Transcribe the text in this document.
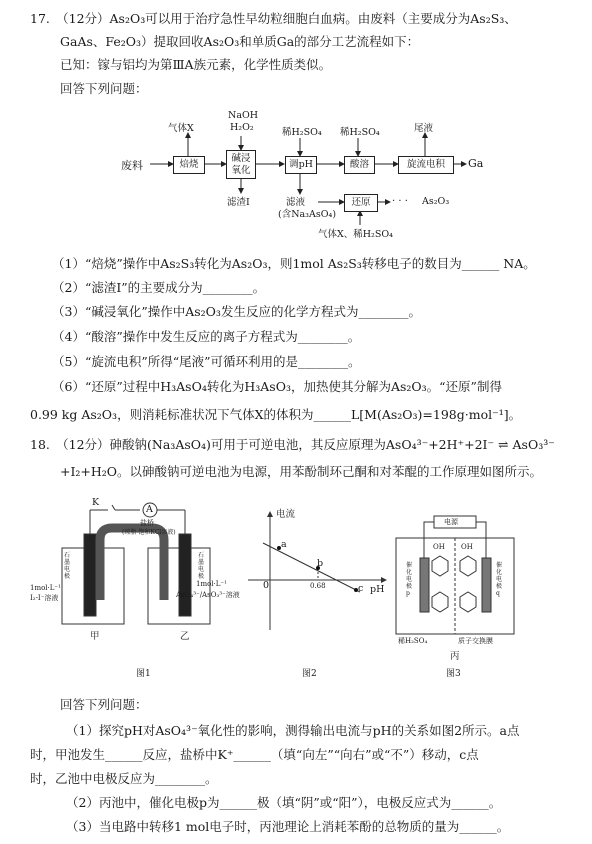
17.　（12分）As₂O₃可以用于治疗急性早幼粒细胞白血病。由废料（主要成分为As₂S₃、
GaAs、Fe₂O₃）提取回收As₂O₃和单质Ga的部分工艺流程如下：
已知：镓与铝均为第ⅢA族元素，化学性质类似。
回答下列问题：
废料	焙烧
碱浸氧化	调pH	酸溶	旋流电积	Ga
气体X
NaOH
H₂O₂	稀H₂SO₄ 稀H₂SO₄	尾液
滤渣Ⅰ	滤液
(含Na₃AsO₄)
还原	· · · As₂O₃
气体X、稀H₂SO₄
（1）“焙烧”操作中As₂S₃转化为As₂O₃，则1mol As₂S₃转移电子的数目为______ NA。
（2）“滤渣Ⅰ”的主要成分为________。
（3）“碱浸氧化”操作中As₂O₃发生反应的化学方程式为________。
（4）“酸溶”操作中发生反应的离子方程式为________。
（5）“旋流电积”所得“尾液”可循环利用的是________。
（6）“还原”过程中H₃AsO₄转化为H₃AsO₃，加热使其分解为As₂O₃。“还原”制得
0.99 kg As₂O₃，则消耗标准状况下气体X的体积为______L[M(As₂O₃)=198g·mol⁻¹]。
18.　（12分）砷酸钠(Na₃AsO₄)可用于可逆电池，其反应原理为AsO₄³⁻+2H⁺+2I⁻ ⇌ AsO₃³⁻
+I₂+H₂O。以砷酸钠可逆电池为电源，用苯酚制环己酮和对苯醌的工作原理如图所示。
K
A
盐桥
(琼脂-饱和KCl溶液)
1mol·L⁻¹
I₂-I⁻溶液
1mol·L⁻¹
AsO₄³⁻/AsO₃³⁻溶液
石墨电极
石墨电极
甲	乙
图1
电流
pH
0
a
b
c
0.68
图2
电源
OH OH
催化电极p
催化电极q
稀H₂SO₄	质子交换膜
丙
图3
回答下列问题：
（1）探究pH对AsO₄³⁻氧化性的影响，测得输出电流与pH的关系如图2所示。a点
时，甲池发生______反应，盐桥中K⁺______（填“向左”“向右”或“不”）移动，c点
时，乙池中电极反应为________。
（2）丙池中，催化电极p为______极（填“阴”或“阳”），电极反应式为______。
（3）当电路中转移1 mol电子时，丙池理论上消耗苯酚的总物质的量为______。
